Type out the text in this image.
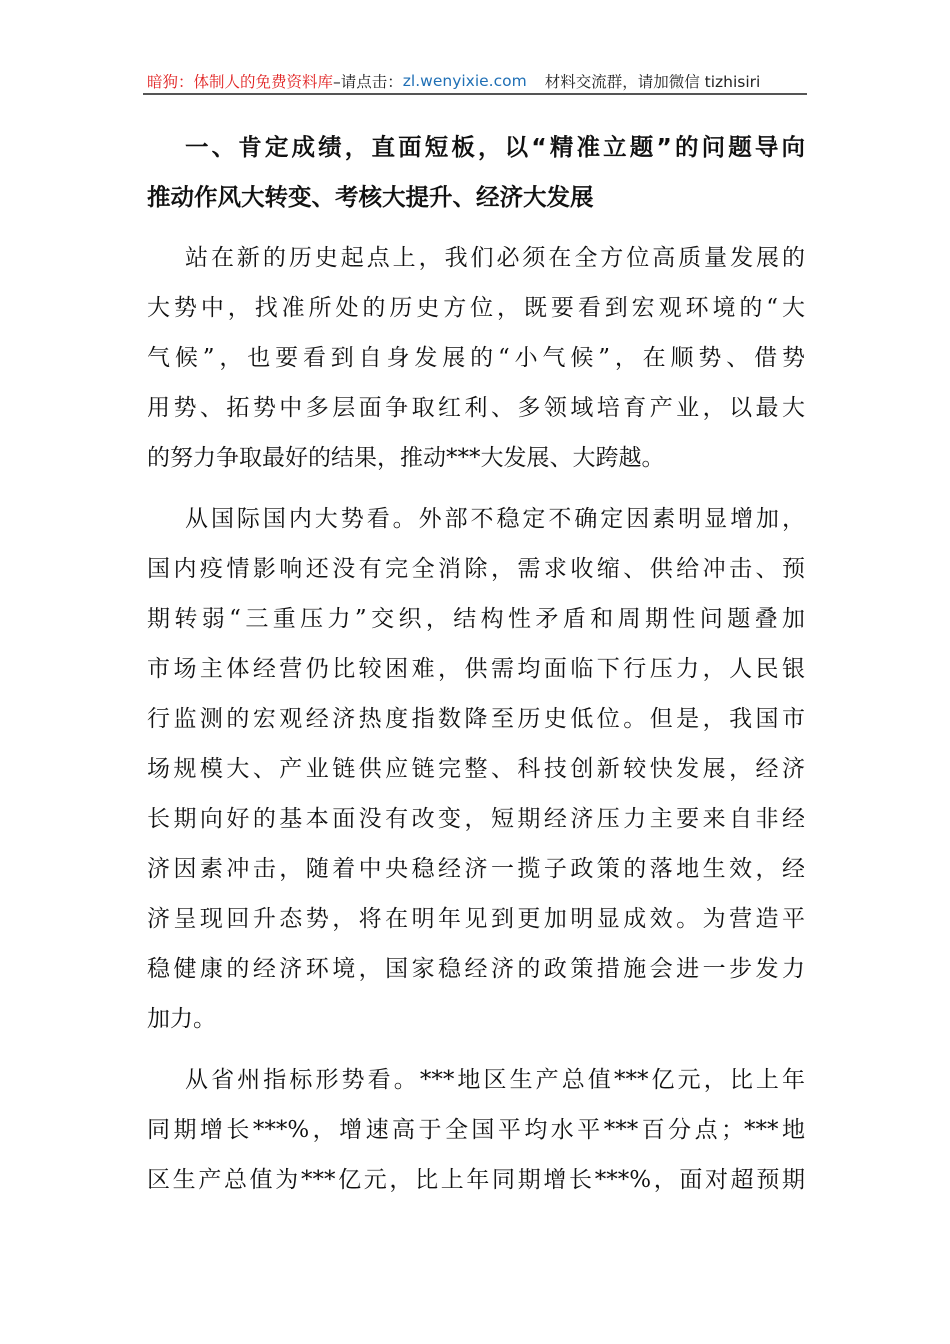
暗狗：体制人的免费资料库 –请点击： zl.wenyixie.com 材料交流群，请加微信 tizhisiri
一、肯定成绩，直面短板，以“精准立题”的问题导向
推动作风大转变、考核大提升、经济大发展
站在新的历史起点上，我们必须在全方位高质量发展的
大势中，找准所处的历史方位，既要看到宏观环境的“大
气候”，也要看到自身发展的“小气候”，在顺势、借势
用势、拓势中多层面争取红利、多领域培育产业，以最大
的努力争取最好的结果，推动***大发展、大跨越。
从国际国内大势看。外部不稳定不确定因素明显增加，
国内疫情影响还没有完全消除，需求收缩、供给冲击、预
期转弱“三重压力”交织，结构性矛盾和周期性问题叠加
市场主体经营仍比较困难，供需均面临下行压力，人民银
行监测的宏观经济热度指数降至历史低位。但是，我国市
场规模大、产业链供应链完整、科技创新较快发展，经济
长期向好的基本面没有改变，短期经济压力主要来自非经
济因素冲击，随着中央稳经济一揽子政策的落地生效，经
济呈现回升态势，将在明年见到更加明显成效。为营造平
稳健康的经济环境，国家稳经济的政策措施会进一步发力
加力。
从省州指标形势看。***地区生产总值***亿元，比上年
同期增长***%，增速高于全国平均水平***百分点；***地
区生产总值为***亿元，比上年同期增长***%，面对超预期
